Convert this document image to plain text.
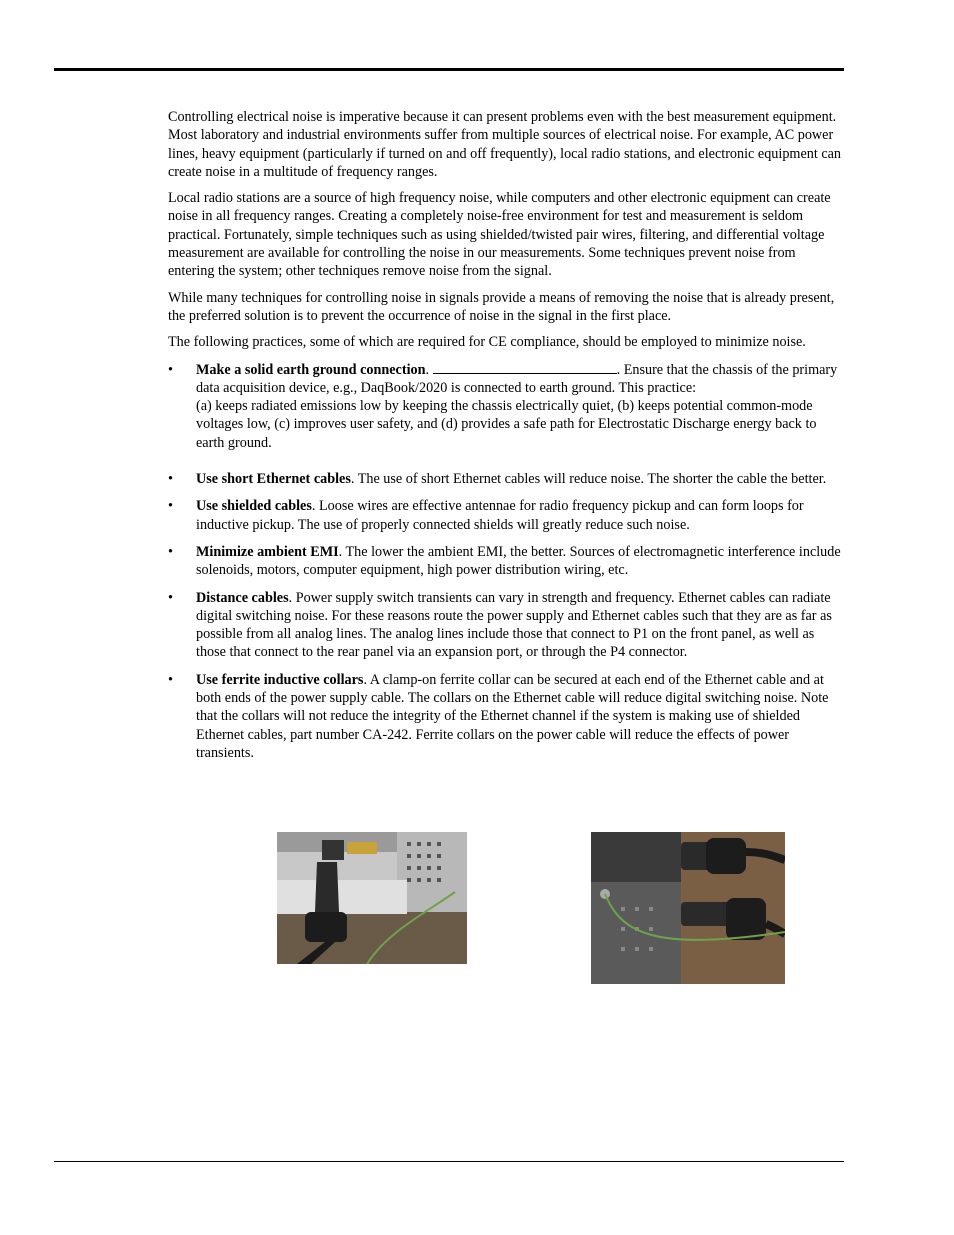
Controlling electrical noise is imperative because it can present problems even with the best measurement equipment. Most laboratory and industrial environments suffer from multiple sources of electrical noise. For example, AC power lines, heavy equipment (particularly if turned on and off frequently), local radio stations, and electronic equipment can create noise in a multitude of frequency ranges.

Local radio stations are a source of high frequency noise, while computers and other electronic equipment can create noise in all frequency ranges. Creating a completely noise-free environment for test and measurement is seldom practical. Fortunately, simple techniques such as using shielded/twisted pair wires, filtering, and differential voltage measurement are available for controlling the noise in our measurements. Some techniques prevent noise from entering the system; other techniques remove noise from the signal.

While many techniques for controlling noise in signals provide a means of removing the noise that is already present, the preferred solution is to prevent the occurrence of noise in the signal in the first place.

The following practices, some of which are required for CE compliance, should be employed to minimize noise.

• Make a solid earth ground connection.	. Ensure that the chassis of the primary data acquisition device, e.g., DaqBook/2020 is connected to earth ground. This practice:
(a) keeps radiated emissions low by keeping the chassis electrically quiet, (b) keeps potential common-mode voltages low, (c) improves user safety, and (d) provides a safe path for Electrostatic Discharge energy back to earth ground.
• Use short Ethernet cables. The use of short Ethernet cables will reduce noise. The shorter the cable the better.
• Use shielded cables. Loose wires are effective antennae for radio frequency pickup and can form loops for inductive pickup. The use of properly connected shields will greatly reduce such noise.
• Minimize ambient EMI. The lower the ambient EMI, the better. Sources of electromagnetic interference include solenoids, motors, computer equipment, high power distribution wiring, etc.
• Distance cables. Power supply switch transients can vary in strength and frequency. Ethernet cables can radiate digital switching noise. For these reasons route the power supply and Ethernet cables such that they are as far as possible from all analog lines. The analog lines include those that connect to P1 on the front panel, as well as those that connect to the rear panel via an expansion port, or through the P4 connector.
• Use ferrite inductive collars. A clamp-on ferrite collar can be secured at each end of the Ethernet cable and at both ends of the power supply cable. The collars on the Ethernet cable will reduce digital switching noise. Note that the collars will not reduce the integrity of the Ethernet channel if the system is making use of shielded Ethernet cables, part number CA-242. Ferrite collars on the power cable will reduce the effects of power transients.
